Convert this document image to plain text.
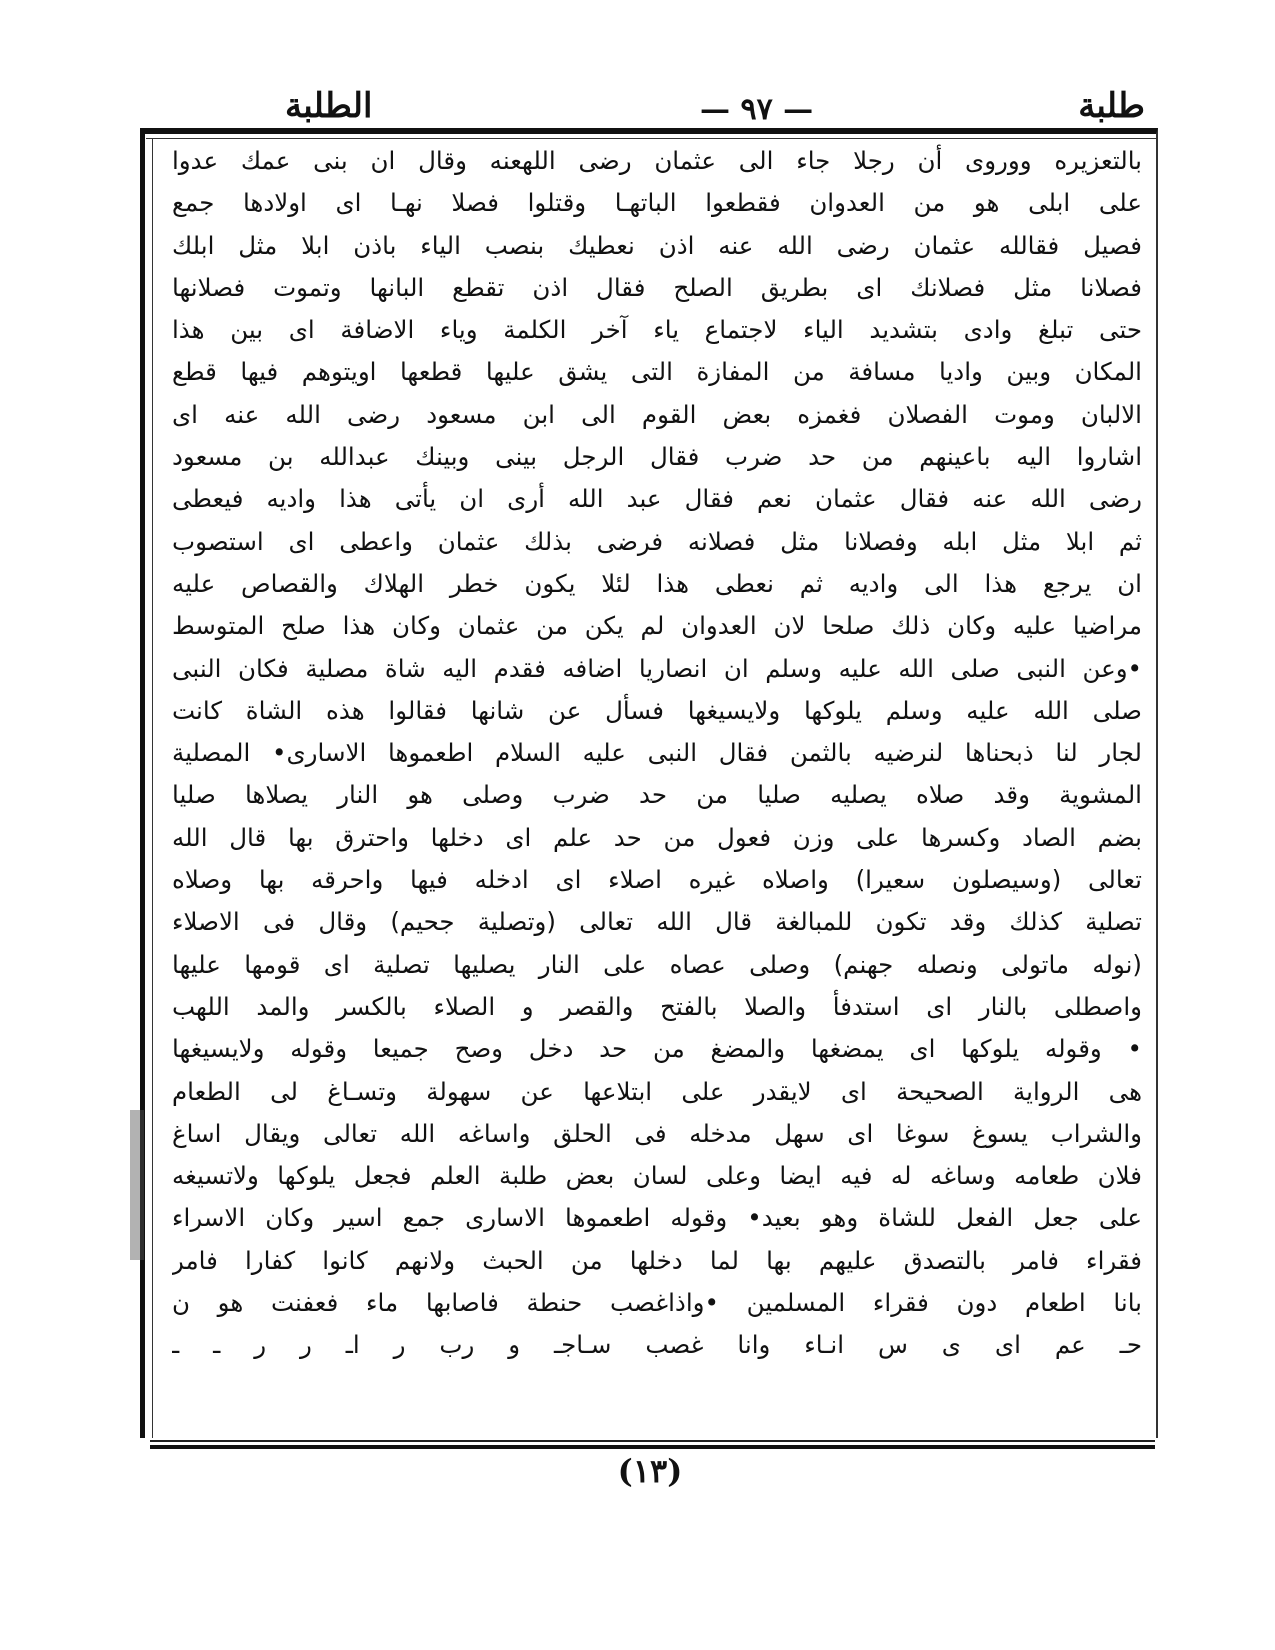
طلبة
— ٩٧ —
الطلبة
بالتعزيره ووروى أن رجلا جاء الى عثمان رضى اللهعنه وقال ان بنى عمك عدوا
على ابلى هو من العدوان فقطعوا الباتهـا وقتلوا فصلا نهـا اى اولادها جمع
فصيل فقالله عثمان رضى الله عنه اذن نعطيك بنصب الياء باذن ابلا مثل ابلك
فصلانا مثل فصلانك اى بطريق الصلح فقال اذن تقطع البانها وتموت فصلانها
حتى تبلغ وادى بتشديد الياء لاجتماع ياء آخر الكلمة وياء الاضافة اى بين هذا
المكان وبين واديا مسافة من المفازة التى يشق عليها قطعها اويتوهم فيها قطع
الالبان وموت الفصلان فغمزه بعض القوم الى ابن مسعود رضى الله عنه اى
اشاروا اليه باعينهم من حد ضرب فقال الرجل بينى وبينك عبدالله بن مسعود
رضى الله عنه فقال عثمان نعم فقال عبد الله أرى ان يأتى هذا واديه فيعطى
ثم ابلا مثل ابله وفصلانا مثل فصلانه فرضى بذلك عثمان واعطى اى استصوب
ان يرجع هذا الى واديه ثم نعطى هذا لئلا يكون خطر الهلاك والقصاص عليه
مراضيا عليه وكان ذلك صلحا لان العدوان لم يكن من عثمان وكان هذا صلح المتوسط
•وعن النبى صلى الله عليه وسلم ان انصاريا اضافه فقدم اليه شاة مصلية فكان النبى
صلى الله عليه وسلم يلوكها ولايسيغها فسأل عن شانها فقالوا هذه الشاة كانت
لجار لنا ذبحناها لنرضيه بالثمن فقال النبى عليه السلام اطعموها الاسارى• المصلية
المشوية وقد صلاه يصليه صليا من حد ضرب وصلى هو النار يصلاها صليا
بضم الصاد وكسرها على وزن فعول من حد علم اى دخلها واحترق بها قال الله
تعالى (وسيصلون سعيرا) واصلاه غيره اصلاء اى ادخله فيها واحرقه بها وصلاه
تصلية كذلك وقد تكون للمبالغة قال الله تعالى (وتصلية جحيم) وقال فى الاصلاء
(نوله ماتولى ونصله جهنم) وصلى عصاه على النار يصليها تصلية اى قومها عليها
واصطلى بالنار اى استدفأ والصلا بالفتح والقصر و الصلاء بالكسر والمد اللهب
• وقوله يلوكها اى يمضغها والمضغ من حد دخل وصح جميعا وقوله ولايسيغها
هى الرواية الصحيحة اى لايقدر على ابتلاعها عن سهولة وتسـاغ لى الطعام
والشراب يسوغ سوغا اى سهل مدخله فى الحلق واساغه الله تعالى ويقال اساغ
فلان طعامه وساغه له فيه ايضا وعلى لسان بعض طلبة العلم فجعل يلوكها ولاتسيغه
على جعل الفعل للشاة وهو بعيد• وقوله اطعموها الاسارى جمع اسير وكان الاسراء
فقراء فامر بالتصدق عليهم بها لما دخلها من الحبث ولانهم كانوا كفارا فامر
بانا اطعام دون فقراء المسلمين •واذاغصب حنطة فاصابها ماء فعفنت هو ن
حـ عم اى ى س انـاء وانا غصب سـاجـ و رب ر اـ ر ر ـ ـ
(١٣)
